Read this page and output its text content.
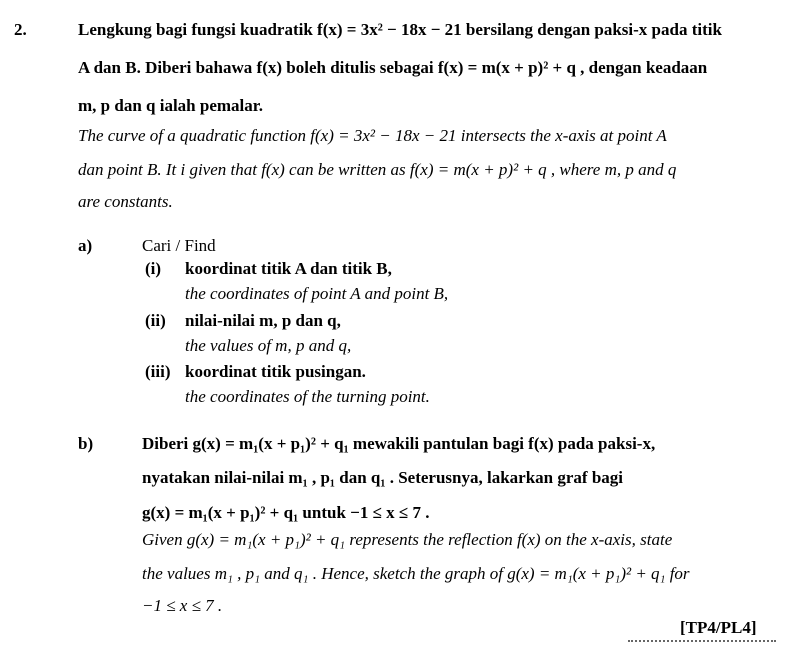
2.	Lengkung bagi fungsi kuadratik f(x) = 3x² − 18x − 21 bersilang dengan paksi-x pada titik
A dan B. Diberi bahawa f(x) boleh ditulis sebagai f(x) = m(x + p)² + q , dengan keadaan
m, p dan q ialah pemalar.
The curve of a quadratic function f(x) = 3x² − 18x − 21 intersects the x-axis at point A
dan point B. It i given that f(x) can be written as f(x) = m(x + p)² + q , where m, p and q
are constants.
a)	Cari / Find
(i) koordinat titik A dan titik B,
the coordinates of point A and point B,
(ii) nilai-nilai m, p dan q,
the values of m, p and q,
(iii) koordinat titik pusingan.
the coordinates of the turning point.
b)	Diberi g(x) = m₁(x + p₁)² + q₁ mewakili pantulan bagi f(x) pada paksi-x,
nyatakan nilai-nilai m₁ , p₁ dan q₁ . Seterusnya, lakarkan graf bagi
g(x) = m₁(x + p₁)² + q₁ untuk −1 ≤ x ≤ 7 .
Given g(x) = m₁(x + p₁)² + q₁ represents the reflection f(x) on the x-axis, state
the values m₁ , p₁ and q₁ . Hence, sketch the graph of g(x) = m₁(x + p₁)² + q₁ for
−1 ≤ x ≤ 7 .
[TP4/PL4]
